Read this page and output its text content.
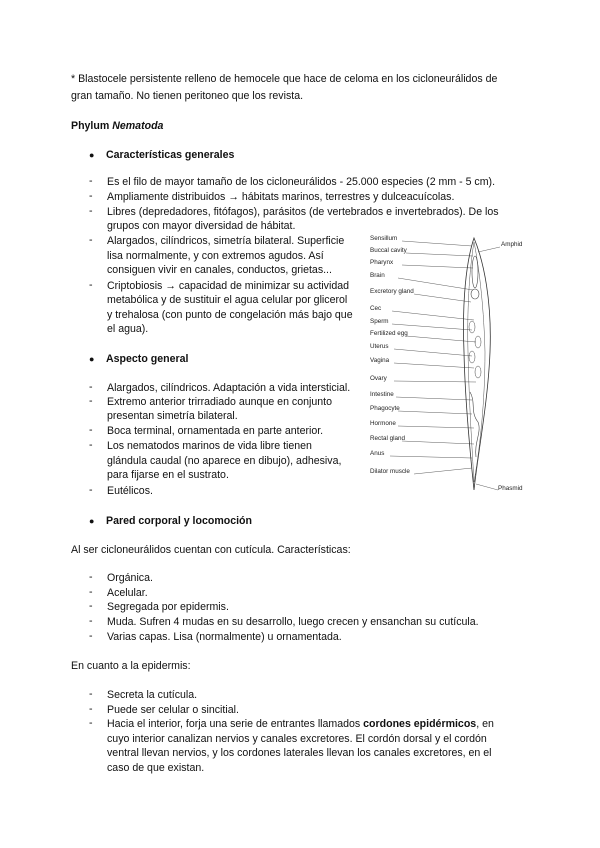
* Blastocele persistente relleno de hemocele que hace de celoma en los cicloneurálidos de

gran tamaño. No tienen peritoneo que los revista.

Phylum Nematoda

● Características generales

- Es el filo de mayor tamaño de los cicloneurálidos - 25.000 especies (2 mm - 5 cm).

- Ampliamente distribuidos → hábitats marinos, terrestres y dulceacuícolas.

- Libres (depredadores, fitófagos), parásitos (de vertebrados e invertebrados). De los

grupos con mayor diversidad de hábitat.

- Alargados, cilíndricos, simetría bilateral. Superficie

lisa normalmente, y con extremos agudos. Así

consiguen vivir en canales, conductos, grietas...

- Criptobiosis → capacidad de minimizar su actividad

metabólica y de sustituir el agua celular por glicerol

y trehalosa (con punto de congelación más bajo que

el agua).

● Aspecto general

- Alargados, cilíndricos. Adaptación a vida intersticial.

- Extremo anterior trirradiado aunque en conjunto

presentan simetría bilateral.

- Boca terminal, ornamentada en parte anterior.

- Los nematodos marinos de vida libre tienen

glándula caudal (no aparece en dibujo), adhesiva,

para fijarse en el sustrato.

- Eutélicos.

● Pared corporal y locomoción

Al ser cicloneurálidos cuentan con cutícula. Características:

- Orgánica.

- Acelular.

- Segregada por epidermis.

- Muda. Sufren 4 mudas en su desarrollo, luego crecen y ensanchan su cutícula.

- Varias capas. Lisa (normalmente) u ornamentada.

En cuanto a la epidermis:

- Secreta la cutícula.

- Puede ser celular o sincitial.

- Hacia el interior, forja una serie de entrantes llamados cordones epidérmicos, en

cuyo interior canalizan nervios y canales excretores. El cordón dorsal y el cordón

ventral llevan nervios, y los cordones laterales llevan los canales excretores, en el

caso de que existan.

Sensillum
Buccal cavity
Pharynx
Brain
Excretory gland
Cec
Sperm
Fertilized egg
Uterus
Vagina
Ovary
Intestine
Phagocyte
Hormone
Rectal gland
Anus
Dilator muscle
Amphid
Phasmid
